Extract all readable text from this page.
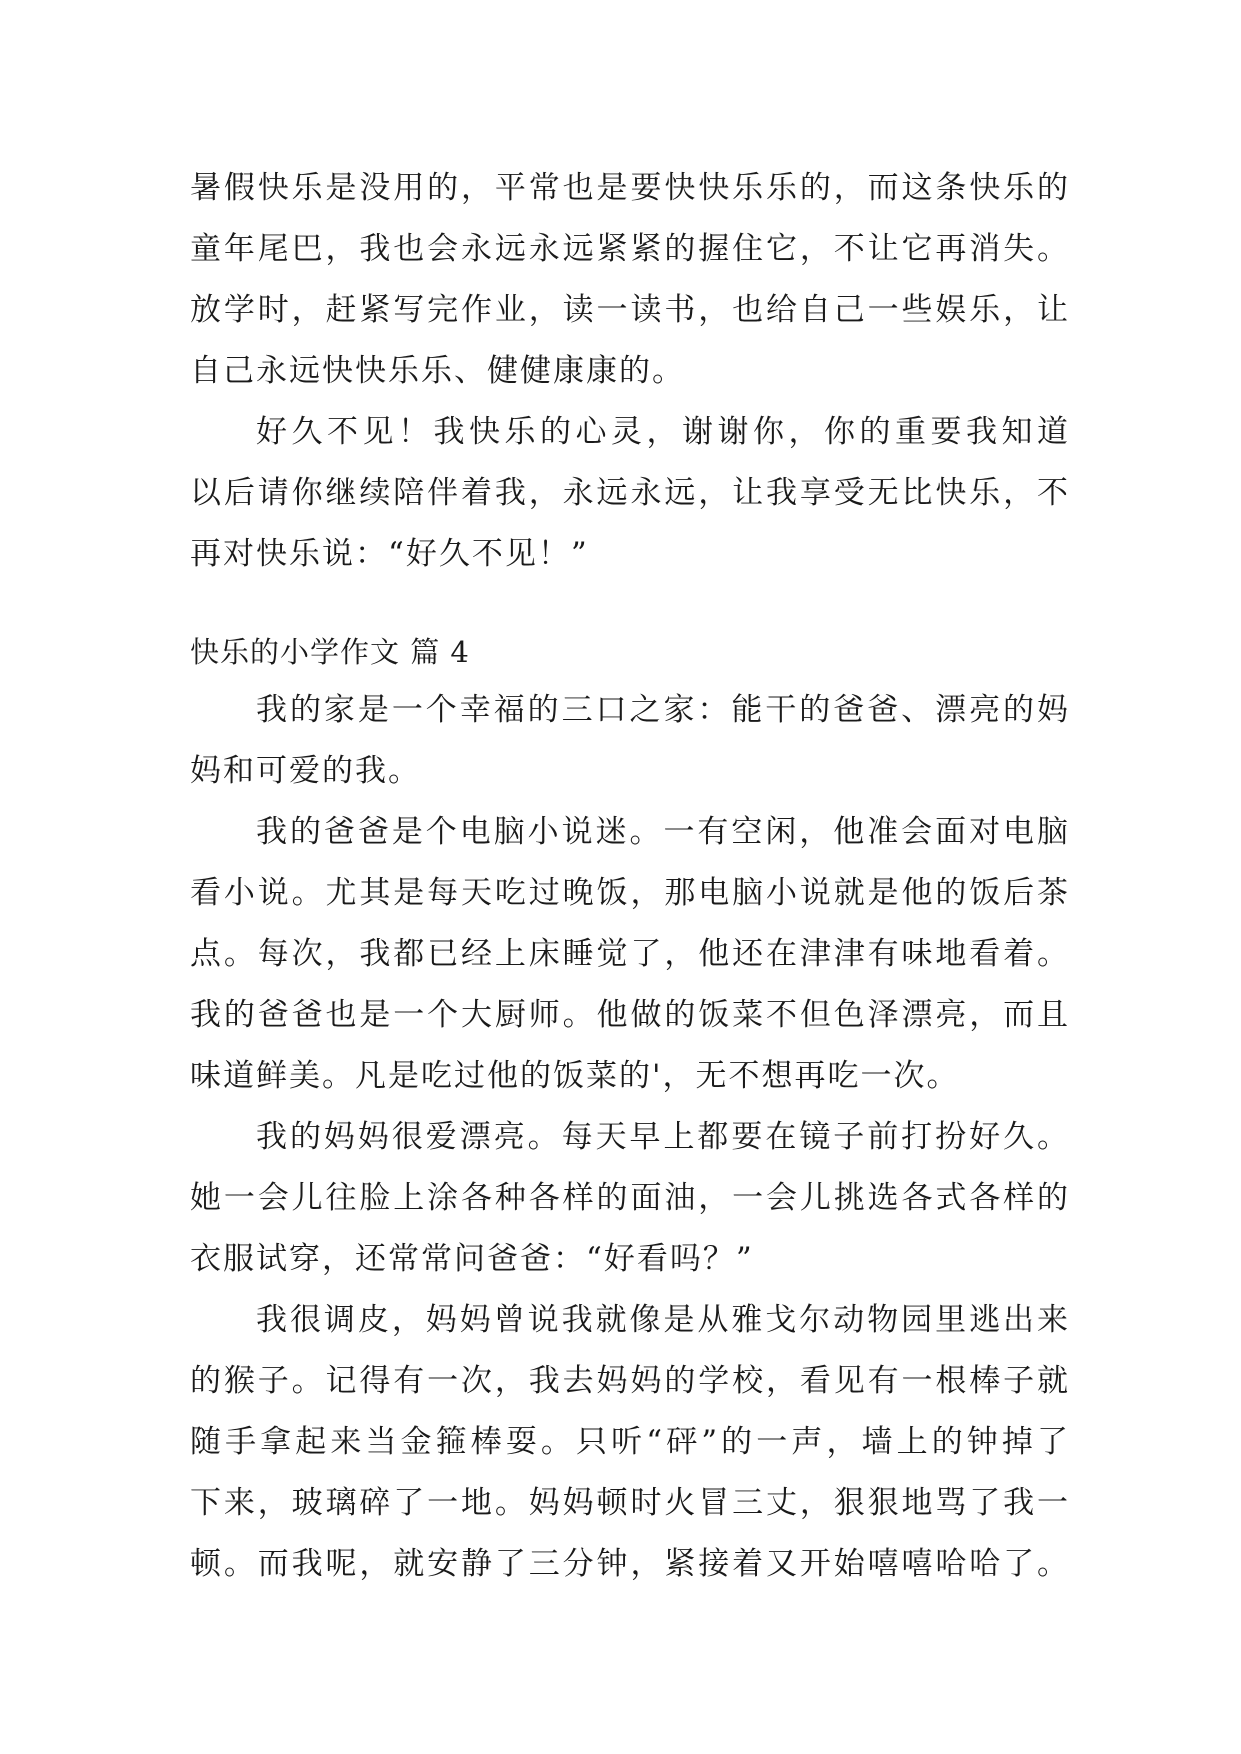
暑假快乐是没用的，平常也是要快快乐乐的，而这条快乐的
童年尾巴，我也会永远永远紧紧的握住它，不让它再消失。
放学时，赶紧写完作业，读一读书，也给自己一些娱乐，让
自己永远快快乐乐、健健康康的。
好久不见！我快乐的心灵，谢谢你，你的重要我知道
以后请你继续陪伴着我，永远永远，让我享受无比快乐，不
再对快乐说：“好久不见！”
快乐的小学作文 篇 4
我的家是一个幸福的三口之家：能干的爸爸、漂亮的妈
妈和可爱的我。
我的爸爸是个电脑小说迷。一有空闲，他准会面对电脑
看小说。尤其是每天吃过晚饭，那电脑小说就是他的饭后茶
点。每次，我都已经上床睡觉了，他还在津津有味地看着。
我的爸爸也是一个大厨师。他做的饭菜不但色泽漂亮，而且
味道鲜美。凡是吃过他的饭菜的'，无不想再吃一次。
我的妈妈很爱漂亮。每天早上都要在镜子前打扮好久。
她一会儿往脸上涂各种各样的面油，一会儿挑选各式各样的
衣服试穿，还常常问爸爸：“好看吗？”
我很调皮，妈妈曾说我就像是从雅戈尔动物园里逃出来
的猴子。记得有一次，我去妈妈的学校，看见有一根棒子就
随手拿起来当金箍棒耍。只听“砰”的一声，墙上的钟掉了
下来，玻璃碎了一地。妈妈顿时火冒三丈，狠狠地骂了我一
顿。而我呢，就安静了三分钟，紧接着又开始嘻嘻哈哈了。
